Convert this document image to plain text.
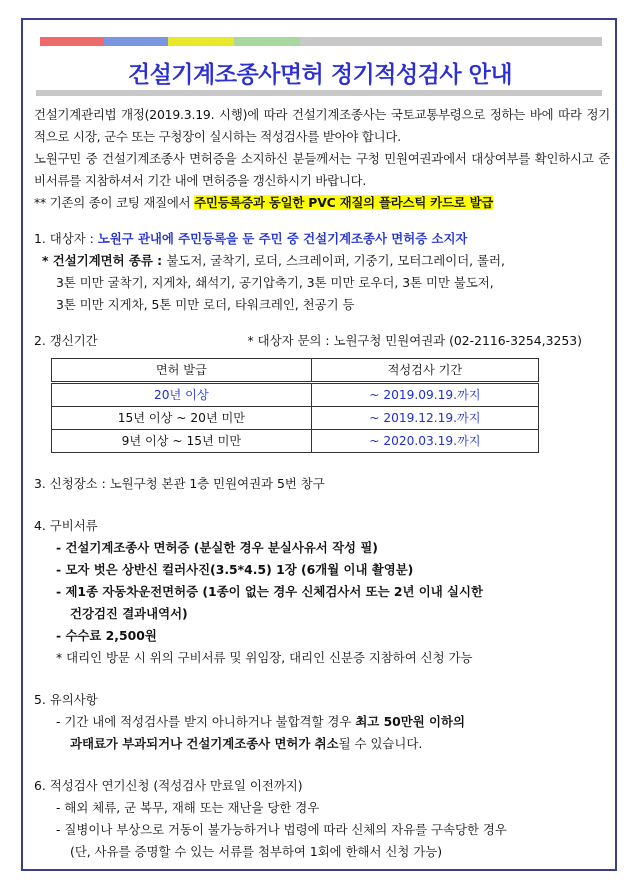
건설기계조종사면허 정기적성검사 안내

건설기계관리법 개정(2019.3.19. 시행)에 따라 건설기계조종사는 국토교통부령으로 정하는 바에 따라 정기적으로 시장, 군수 또는 구청장이 실시하는 적성검사를 받아야 합니다.

노원구민 중 건설기계조종사 면허증을 소지하신 분들께서는 구청 민원여권과에서 대상여부를 확인하시고 준비서류를 지참하셔서 기간 내에 면허증을 갱신하시기 바랍니다.

** 기존의 종이 코팅 재질에서 주민등록증과 동일한 PVC 재질의 플라스틱 카드로 발급

1. 대상자 : 노원구 관내에 주민등록을 둔 주민 중 건설기계조종사 면허증 소지자
* 건설기계면허 종류 : 불도저, 굴착기, 로더, 스크레이퍼, 기중기, 모터그레이더, 롤러,
3톤 미만 굴착기, 지게차, 쇄석기, 공기압축기, 3톤 미만 로우더, 3톤 미만 불도저,
3톤 미만 지게차, 5톤 미만 로더, 타워크레인, 천공기 등
2. 갱신기간	* 대상자 문의 : 노원구청 민원여권과 (02-2116-3254,3253)
면허 발급	적성검사 기간
20년 이상	~ 2019.09.19.까지
15년 이상 ~ 20년 미만	~ 2019.12.19.까지
9년 이상 ~ 15년 미만	~ 2020.03.19.까지
3. 신청장소 : 노원구청 본관 1층 민원여권과 5번 창구
4. 구비서류
- 건설기계조종사 면허증 (분실한 경우 분실사유서 작성 필)
- 모자 벗은 상반신 컬러사진(3.5*4.5) 1장 (6개월 이내 촬영분)
- 제1종 자동차운전면허증 (1종이 없는 경우 신체검사서 또는 2년 이내 실시한
건강검진 결과내역서)
- 수수료 2,500원
* 대리인 방문 시 위의 구비서류 및 위임장, 대리인 신분증 지참하여 신청 가능
5. 유의사항
- 기간 내에 적성검사를 받지 아니하거나 불합격할 경우 최고 50만원 이하의
과태료가 부과되거나 건설기계조종사 면허가 취소될 수 있습니다.
6. 적성검사 연기신청 (적성검사 만료일 이전까지)
- 해외 체류, 군 복무, 재해 또는 재난을 당한 경우
- 질병이나 부상으로 거동이 불가능하거나 법령에 따라 신체의 자유를 구속당한 경우
(단, 사유를 증명할 수 있는 서류를 첨부하여 1회에 한해서 신청 가능)
